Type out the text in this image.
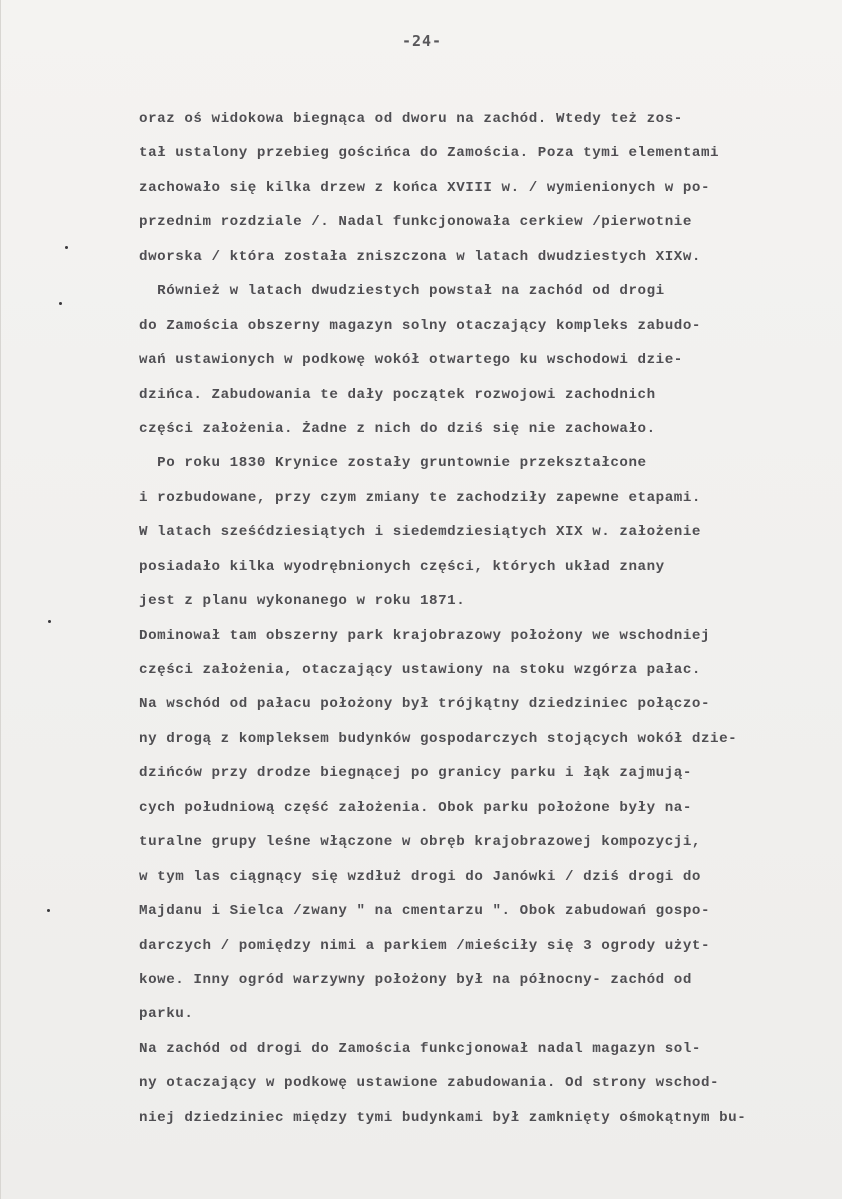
-24-
oraz oś widokowa biegnąca od dworu na zachód. Wtedy też zos-
tał ustalony przebieg gościńca do Zamościa. Poza tymi elementami
zachowało się kilka drzew z końca XVIII w. / wymienionych w po-
przednim rozdziale /. Nadal funkcjonowała cerkiew /pierwotnie
dworska / która została zniszczona w latach dwudziestych XIXw.
Również w latach dwudziestych powstał na zachód od drogi
do Zamościa obszerny magazyn solny otaczający kompleks zabudo-
wań ustawionych w podkowę wokół otwartego ku wschodowi dzie-
dzińca. Zabudowania te dały początek rozwojowi zachodnich
części założenia. Żadne z nich do dziś się nie zachowało.
Po roku 1830 Krynice zostały gruntownie przekształcone
i rozbudowane, przy czym zmiany te zachodziły zapewne etapami.
W latach sześćdziesiątych i siedemdziesiątych XIX w. założenie
posiadało kilka wyodrębnionych części, których układ znany
jest z planu wykonanego w roku 1871.
Dominował tam obszerny park krajobrazowy położony we wschodniej
części założenia, otaczający ustawiony na stoku wzgórza pałac.
Na wschód od pałacu położony był trójkątny dziedziniec połączo-
ny drogą z kompleksem budynków gospodarczych stojących wokół dzie-
dzińców przy drodze biegnącej po granicy parku i łąk zajmują-
cych południową część założenia. Obok parku położone były na-
turalne grupy leśne włączone w obręb krajobrazowej kompozycji,
w tym las ciągnący się wzdłuż drogi do Janówki / dziś drogi do
Majdanu i Sielca /zwany " na cmentarzu ". Obok zabudowań gospo-
darczych / pomiędzy nimi a parkiem /mieściły się 3 ogrody użyt-
kowe. Inny ogród warzywny położony był na północny- zachód od
parku.
Na zachód od drogi do Zamościa funkcjonował nadal magazyn sol-
ny otaczający w podkowę ustawione zabudowania. Od strony wschod-
niej dziedziniec między tymi budynkami był zamknięty ośmokątnym bu-
